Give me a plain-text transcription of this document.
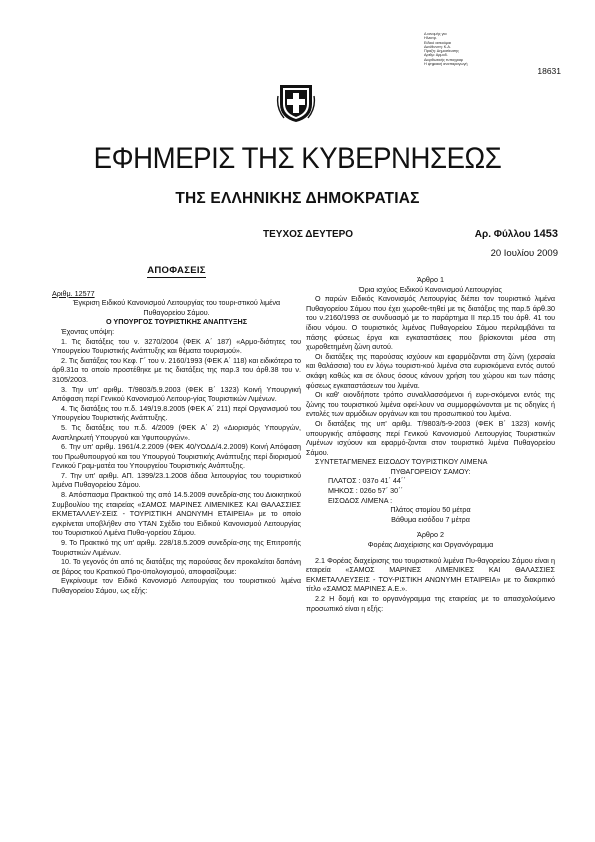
Δ ιανομής για
Ηλεκτρ.
Ειδικό ασκούμαι
Διεύθυνση: Κ.Α.
Πραξη: Δημοσίευσης
Αριθμ: Αρμοδ.
Διορθωτικής τυπογραφ
Η ψηφιακή αναπαραγωγή
18631
ΕΦΗΜΕΡΙΣ ΤΗΣ ΚΥΒΕΡΝΗΣΕΩΣ
ΤΗΣ ΕΛΛΗΝΙΚΗΣ ΔΗΜΟΚΡΑΤΙΑΣ
ΤΕΥΧΟΣ ΔΕΥΤΕΡΟ	Αρ. Φύλλου 1453
20 Ιουλίου 2009

ΑΠΟΦΑΣΕΙΣ

Αριθμ. 12577

Έγκριση Ειδικού Κανονισμού Λειτουργίας του τουρι-στικού λιμένα Πυθαγορείου Σάμου.

Ο ΥΠΟΥΡΓΟΣ ΤΟΥΡΙΣΤΙΚΗΣ ΑΝΑΠΤΥΞΗΣ

Έχοντας υπόψη:

1. Τις διατάξεις του ν. 3270/2004 (ΦΕΚ Α΄ 187) «Αρμο-διότητες του Υπουργείου Τουριστικής Ανάπτυξης και θέματα τουρισμού».

2. Τις διατάξεις του Κεφ. Γ΄ του ν. 2160/1993 (ΦΕΚ Α΄ 118) και ειδικότερα το άρθ.31α το οποίο προστέθηκε με τις διατάξεις της παρ.3 του άρθ.38 του ν. 3105/2003.

3. Την υπ' αριθμ. Τ/9803/5.9.2003 (ΦΕΚ Β΄ 1323) Κοινή Υπουργική Απόφαση περί Γενικού Κανονισμού Λειτουρ-γίας Τουριστικών Λιμένων.

4. Τις διατάξεις του π.δ. 149/19.8.2005 (ΦΕΚ Α΄ 211) περί Οργανισμού του Υπουργείου Τουριστικής Ανάπτυξης.

5. Τις διατάξεις του π.δ. 4/2009 (ΦΕΚ Α΄ 2) «Διορισμός Υπουργών, Αναπληρωτή Υπουργού και Υφυπουργών».

6. Την υπ' αριθμ. 1961/4.2.2009 (ΦΕΚ 40/ΥΟΔΔ/4.2.2009) Κοινή Απόφαση του Πρωθυπουργού και του Υπουργού Τουριστικής Ανάπτυξης περί διορισμού Γενικού Γραμ-ματέα του Υπουργείου Τουριστικής Ανάπτυξης.

7. Την υπ' αριθμ. ΑΠ. 1399/23.1.2008 άδεια λειτουργίας του τουριστικού λιμένα Πυθαγορείου Σάμου.

8. Απόσπασμα Πρακτικού της από 14.5.2009 συνεδρία-σης του Διοικητικού Συμβουλίου της εταιρείας «ΣΑΜΟΣ ΜΑΡΙΝΕΣ ΛΙΜΕΝΙΚΕΣ ΚΑΙ ΘΑΛΑΣΣΙΕΣ ΕΚΜΕΤΑΛΛΕΥ-ΣΕΙΣ - ΤΟΥΡΙΣΤΙΚΗ ΑΝΩΝΥΜΗ ΕΤΑΙΡΕΙΑ» με το οποίο εγκρίνεται υποβλήθεν στο ΥΤΑΝ Σχέδιο του Ειδικού Κανονισμού Λειτουργίας του Τουριστικού Λιμένα Πυθα-γορείου Σάμου.

9. Το Πρακτικό της υπ' αριθμ. 228/18.5.2009 συνεδρία-σης της Επιτροπής Τουριστικών Λιμένων.

10. Το γεγονός ότι από τις διατάξεις της παρούσας δεν προκαλείται δαπάνη σε βάρος του Κρατικού Προ-ϋπολογισμού, αποφασίζουμε:

Εγκρίνουμε τον Ειδικό Κανονισμό Λειτουργίας του τουριστικού λιμένα Πυθαγορείου Σάμου, ως εξής:

Άρθρο 1

Όρια ισχύος Ειδικού Κανονισμού Λειτουργίας

Ο παρών Ειδικός Κανονισμός Λειτουργίας διέπει τον τουριστικό λιμένα Πυθαγορείου Σάμου που έχει χωροθε-τηθεί με τις διατάξεις της παρ.5 άρθ.30 του ν.2160/1993 σε συνδυασμό με το παράρτημα ΙΙ περ.15 του άρθ. 41 του ίδιου νόμου. Ο τουριστικός λιμένας Πυθαγορείου Σάμου περιλαμβάνει τα πάσης φύσεως έργα και εγκαταστάσεις που βρίσκονται μέσα στη χωροθετημένη ζώνη αυτού.

Οι διατάξεις της παρούσας ισχύουν και εφαρμόζονται στη ζώνη (χερσαία και θαλάσσια) του εν λόγω τουριστι-κού λιμένα στα ευρισκόμενα εντός αυτού σκάφη καθώς και σε όλους όσους κάνουν χρήση του χώρου και των πάσης φύσεως εγκαταστάσεων του λιμένα.

Οι καθ' οιονδήποτε τρόπο συναλλασσόμενοι ή ευρι-σκόμενοι εντός της ζώνης του τουριστικού λιμένα οφεί-λουν να συμμορφώνονται με τις οδηγίες ή εντολές των αρμόδιων οργάνων και του προσωπικού του λιμένα.

Οι διατάξεις της υπ' αριθμ. Τ/9803/5-9-2003 (ΦΕΚ Β΄ 1323) κοινής υπουργικής απόφασης περί Γενικού Κανονισμού Λειτουργίας Τουριστικών Λιμένων ισχύουν και εφαρμό-ζονται στον τουριστικό λιμένα Πυθαγορείου Σάμου.

ΣΥΝΤΕΤΑΓΜΕΝΕΣ ΕΙΣΟΔΟΥ ΤΟΥΡΙΣΤΙΚΟΥ ΛΙΜΕΝΑ

ΠΥΘΑΓΟΡΕΙΟΥ ΣΑΜΟΥ:

ΠΛΑΤΟΣ : 037ο 41΄ 44΄΄

ΜΗΚΟΣ : 026ο 57΄ 30΄΄

ΕΙΣΟΔΟΣ ΛΙΜΕΝΑ :

Πλάτος στομίου 50 μέτρα

Βάθυμα εισόδου 7 μέτρα

Άρθρο 2

Φορέας Διαχείρισης και Οργανόγραμμα

2.1 Φορέας διαχείρισης του τουριστικού λιμένα Πυ-θαγορείου Σάμου είναι η εταιρεία «ΣΑΜΟΣ ΜΑΡΙΝΕΣ ΛΙΜΕΝΙΚΕΣ ΚΑΙ ΘΑΛΑΣΣΙΕΣ ΕΚΜΕΤΑΛΛΕΥΣΕΙΣ - ΤΟΥ-ΡΙΣΤΙΚΗ ΑΝΩΝΥΜΗ ΕΤΑΙΡΕΙΑ» με το διακριτικό τίτλο «ΣΑΜΟΣ ΜΑΡΙΝΕΣ Α.Ε.».

2.2 Η δομή και το οργανόγραμμα της εταιρείας με το απασχολούμενο προσωπικό είναι η εξής:
